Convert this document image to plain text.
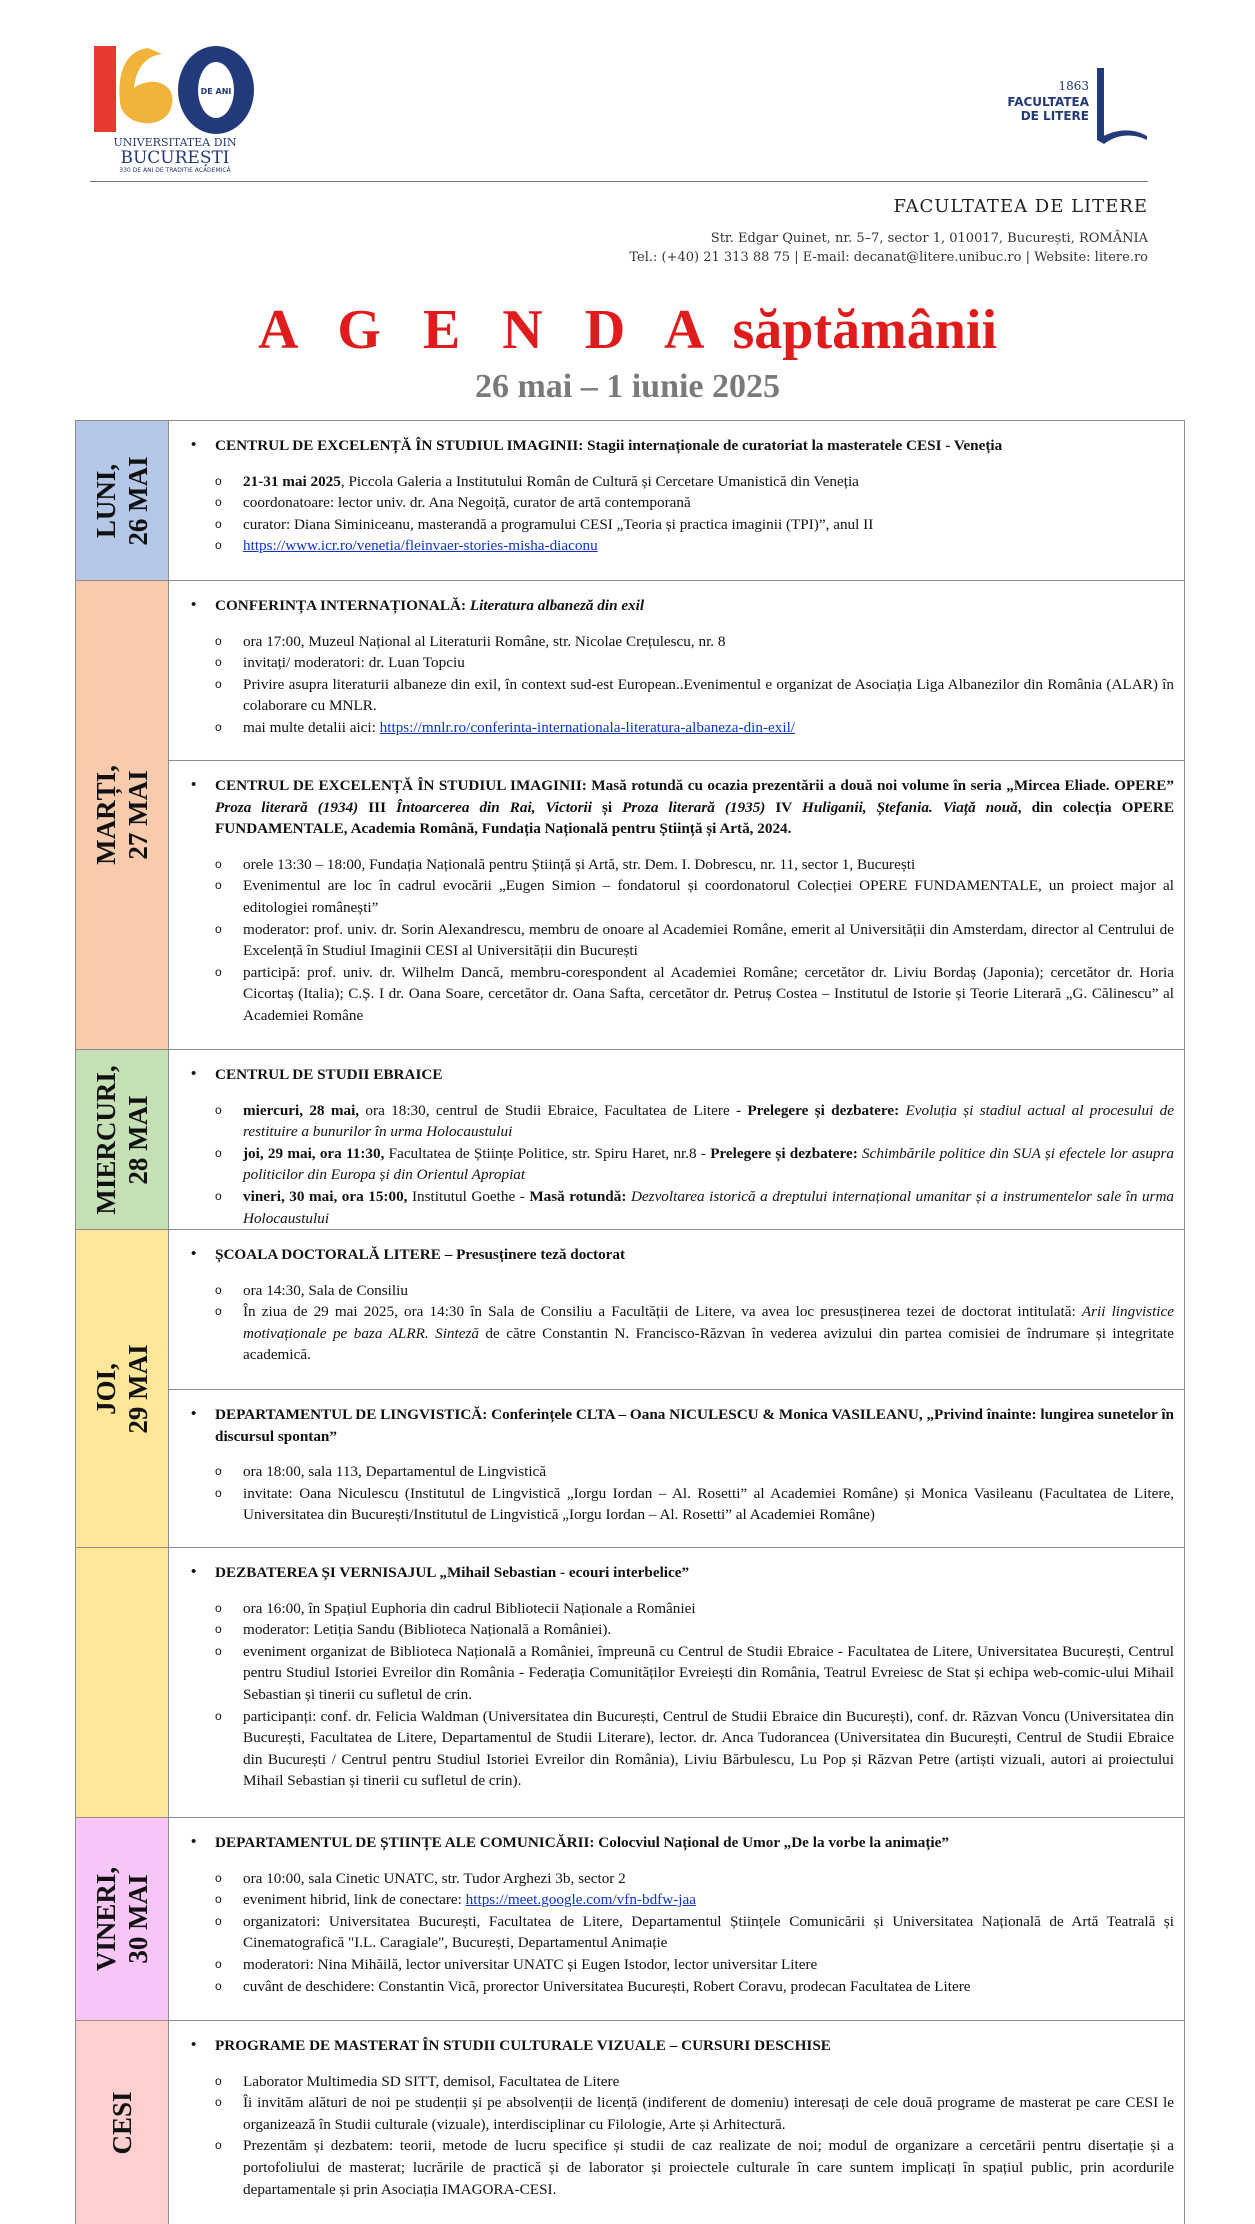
DE ANI
UNIVERSITATEA DIN
BUCUREȘTI
330 DE ANI DE TRADIȚIE ACADEMICĂ
1863
FACULTATEA
DE LITERE
FACULTATEA DE LITERE
Str. Edgar Quinet, nr. 5–7, sector 1, 010017, București, ROMÂNIA
Tel.: (+40) 21 313 88 75 | E-mail: decanat@litere.unibuc.ro | Website: litere.ro
A G E N D A săptămânii
26 mai – 1 iunie 2025
LUNI, 26 MAI
• CENTRUL DE EXCELENȚĂ ÎN STUDIUL IMAGINII: Stagii internaționale de curatoriat la masteratele CESI - Veneția
o 21-31 mai 2025, Piccola Galeria a Institutului Român de Cultură și Cercetare Umanistică din Veneția
o coordonatoare: lector univ. dr. Ana Negoiță, curator de artă contemporană
o curator: Diana Siminiceanu, masterandă a programului CESI „Teoria și practica imaginii (TPI)”, anul II
o https://www.icr.ro/venetia/fleinvaer-stories-misha-diaconu
MARȚI, 27 MAI
• CONFERINȚA INTERNAȚIONALĂ: Literatura albaneză din exil
o ora 17:00, Muzeul Național al Literaturii Române, str. Nicolae Crețulescu, nr. 8
o invitați/ moderatori: dr. Luan Topciu
o Privire asupra literaturii albaneze din exil, în context sud-est European..Evenimentul e organizat de Asociația Liga Albanezilor din România (ALAR) în colaborare cu MNLR.
o mai multe detalii aici: https://mnlr.ro/conferinta-internationala-literatura-albaneza-din-exil/
• CENTRUL DE EXCELENȚĂ ÎN STUDIUL IMAGINII: Masă rotundă cu ocazia prezentării a două noi volume în seria „Mircea Eliade. OPERE” Proza literară (1934) III Întoarcerea din Rai, Victorii și Proza literară (1935) IV Huliganii, Ștefania. Viață nouă, din colecția OPERE FUNDAMENTALE, Academia Română, Fundația Națională pentru Știință și Artă, 2024.
o orele 13:30 – 18:00, Fundația Națională pentru Știință și Artă, str. Dem. I. Dobrescu, nr. 11, sector 1, București
o Evenimentul are loc în cadrul evocării „Eugen Simion – fondatorul și coordonatorul Colecției OPERE FUNDAMENTALE, un proiect major al editologiei românești”
o moderator: prof. univ. dr. Sorin Alexandrescu, membru de onoare al Academiei Române, emerit al Universității din Amsterdam, director al Centrului de Excelență în Studiul Imaginii CESI al Universității din București
o participă: prof. univ. dr. Wilhelm Dancă, membru-corespondent al Academiei Române; cercetător dr. Liviu Bordaș (Japonia); cercetător dr. Horia Cicortaș (Italia); C.Ș. I dr. Oana Soare, cercetător dr. Oana Safta, cercetător dr. Petruș Costea – Institutul de Istorie și Teorie Literară „G. Călinescu” al Academiei Române
MIERCURI, 28 MAI
• CENTRUL DE STUDII EBRAICE
o miercuri, 28 mai, ora 18:30, centrul de Studii Ebraice, Facultatea de Litere - Prelegere și dezbatere: Evoluția și stadiul actual al procesului de restituire a bunurilor în urma Holocaustului
o joi, 29 mai, ora 11:30, Facultatea de Științe Politice, str. Spiru Haret, nr.8 - Prelegere și dezbatere: Schimbările politice din SUA și efectele lor asupra politicilor din Europa și din Orientul Apropiat
o vineri, 30 mai, ora 15:00, Institutul Goethe - Masă rotundă: Dezvoltarea istorică a dreptului internațional umanitar și a instrumentelor sale în urma Holocaustului
JOI, 29 MAI
• ȘCOALA DOCTORALĂ LITERE – Presusținere teză doctorat
o ora 14:30, Sala de Consiliu
o În ziua de 29 mai 2025, ora 14:30 în Sala de Consiliu a Facultății de Litere, va avea loc presusținerea tezei de doctorat intitulată: Arii lingvistice motivaționale pe baza ALRR. Sinteză de către Constantin N. Francisco-Răzvan în vederea avizului din partea comisiei de îndrumare și integritate academică.
• DEPARTAMENTUL DE LINGVISTICĂ: Conferințele CLTA – Oana NICULESCU & Monica VASILEANU, „Privind înainte: lungirea sunetelor în discursul spontan”
o ora 18:00, sala 113, Departamentul de Lingvistică
o invitate: Oana Niculescu (Institutul de Lingvistică „Iorgu Iordan – Al. Rosetti” al Academiei Române) și Monica Vasileanu (Facultatea de Litere, Universitatea din București/Institutul de Lingvistică „Iorgu Iordan – Al. Rosetti” al Academiei Române)
• DEZBATEREA ȘI VERNISAJUL „Mihail Sebastian - ecouri interbelice”
o ora 16:00, în Spațiul Euphoria din cadrul Bibliotecii Naționale a României
o moderator: Letiția Sandu (Biblioteca Națională a României).
o eveniment organizat de Biblioteca Națională a României, împreună cu Centrul de Studii Ebraice - Facultatea de Litere, Universitatea București, Centrul pentru Studiul Istoriei Evreilor din România - Federația Comunităților Evreiești din România, Teatrul Evreiesc de Stat și echipa web-comic-ului Mihail Sebastian și tinerii cu sufletul de crin.
o participanți: conf. dr. Felicia Waldman (Universitatea din București, Centrul de Studii Ebraice din București), conf. dr. Răzvan Voncu (Universitatea din București, Facultatea de Litere, Departamentul de Studii Literare), lector. dr. Anca Tudorancea (Universitatea din București, Centrul de Studii Ebraice din București / Centrul pentru Studiul Istoriei Evreilor din România), Liviu Bărbulescu, Lu Pop și Răzvan Petre (artiști vizuali, autori ai proiectului Mihail Sebastian și tinerii cu sufletul de crin).
VINERI, 30 MAI
• DEPARTAMENTUL DE ȘTIINȚE ALE COMUNICĂRII: Colocviul Național de Umor „De la vorbe la animație”
o ora 10:00, sala Cinetic UNATC, str. Tudor Arghezi 3b, sector 2
o eveniment hibrid, link de conectare: https://meet.google.com/vfn-bdfw-jaa
o organizatori: Universitatea București, Facultatea de Litere, Departamentul Științele Comunicării și Universitatea Națională de Artă Teatrală și Cinematografică "I.L. Caragiale", București, Departamentul Animație
o moderatori: Nina Mihăilă, lector universitar UNATC și Eugen Istodor, lector universitar Litere
o cuvânt de deschidere: Constantin Vică, prorector Universitatea București, Robert Coravu, prodecan Facultatea de Litere
CESI
• PROGRAME DE MASTERAT ÎN STUDII CULTURALE VIZUALE – CURSURI DESCHISE
o Laborator Multimedia SD SITT, demisol, Facultatea de Litere
o Îi invităm alături de noi pe studenții și pe absolvenții de licență (indiferent de domeniu) interesați de cele două programe de masterat pe care CESI le organizează în Studii culturale (vizuale), interdisciplinar cu Filologie, Arte și Arhitectură.
o Prezentăm și dezbatem: teorii, metode de lucru specifice și studii de caz realizate de noi; modul de organizare a cercetării pentru disertație și a portofoliului de masterat; lucrările de practică și de laborator și proiectele culturale în care suntem implicați în spațiul public, prin acordurile departamentale și prin Asociația IMAGORA-CESI.
